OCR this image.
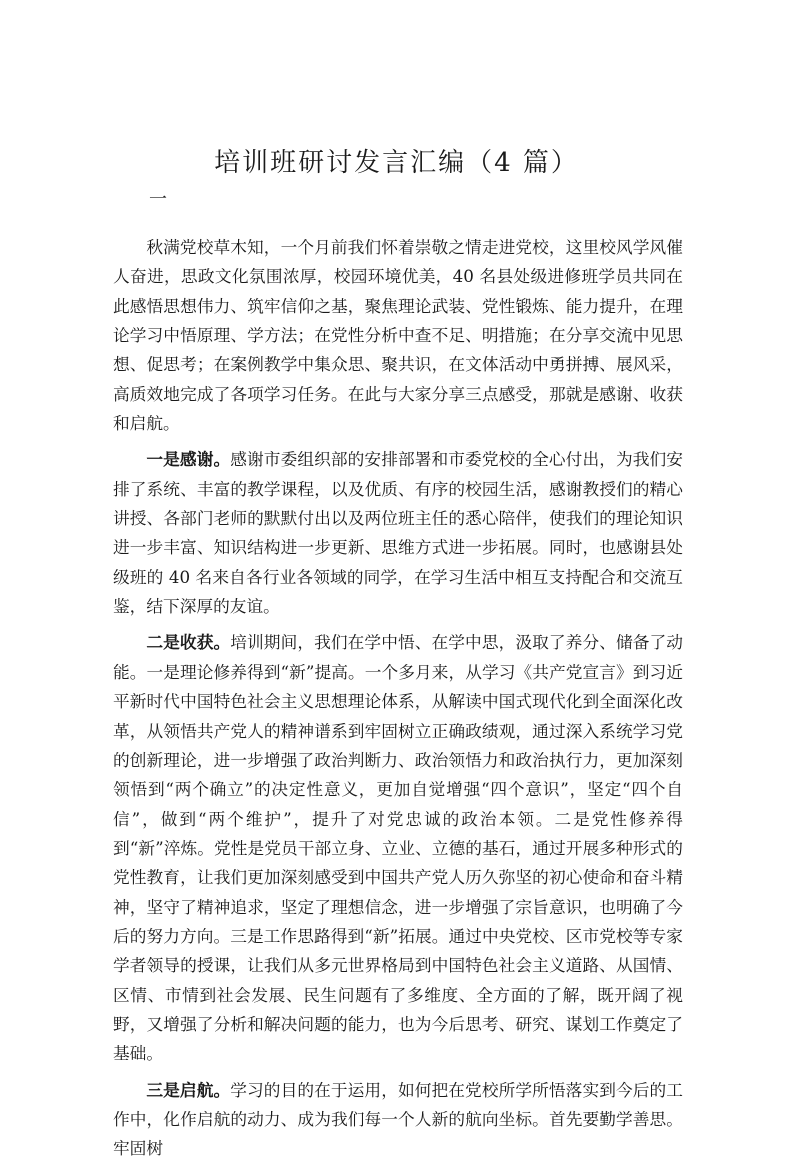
培训班研讨发言汇编（4 篇）
一

秋满党校草木知，一个月前我们怀着崇敬之情走进党校，这里校风学风催人奋进，思政文化氛围浓厚，校园环境优美，40 名县处级进修班学员共同在此感悟思想伟力、筑牢信仰之基，聚焦理论武装、党性锻炼、能力提升，在理论学习中悟原理、学方法；在党性分析中查不足、明措施；在分享交流中见思想、促思考；在案例教学中集众思、聚共识，在文体活动中勇拼搏、展风采，高质效地完成了各项学习任务。在此与大家分享三点感受，那就是感谢、收获和启航。

一是感谢。感谢市委组织部的安排部署和市委党校的全心付出，为我们安排了系统、丰富的教学课程，以及优质、有序的校园生活，感谢教授们的精心讲授、各部门老师的默默付出以及两位班主任的悉心陪伴，使我们的理论知识进一步丰富、知识结构进一步更新、思维方式进一步拓展。同时，也感谢县处级班的 40 名来自各行业各领域的同学，在学习生活中相互支持配合和交流互鉴，结下深厚的友谊。

二是收获。培训期间，我们在学中悟、在学中思，汲取了养分、储备了动能。一是理论修养得到“新”提高。一个多月来，从学习《共产党宣言》到习近平新时代中国特色社会主义思想理论体系，从解读中国式现代化到全面深化改革，从领悟共产党人的精神谱系到牢固树立正确政绩观，通过深入系统学习党的创新理论，进一步增强了政治判断力、政治领悟力和政治执行力，更加深刻领悟到“两个确立”的决定性意义，更加自觉增强“四个意识”，坚定“四个自信”，做到“两个维护”，提升了对党忠诚的政治本领。二是党性修养得到“新”淬炼。党性是党员干部立身、立业、立德的基石，通过开展多种形式的党性教育，让我们更加深刻感受到中国共产党人历久弥坚的初心使命和奋斗精神，坚守了精神追求，坚定了理想信念，进一步增强了宗旨意识，也明确了今后的努力方向。三是工作思路得到“新”拓展。通过中央党校、区市党校等专家学者领导的授课，让我们从多元世界格局到中国特色社会主义道路、从国情、区情、市情到社会发展、民生问题有了多维度、全方面的了解，既开阔了视野，又增强了分析和解决问题的能力，也为今后思考、研究、谋划工作奠定了基础。

三是启航。学习的目的在于运用，如何把在党校所学所悟落实到今后的工作中，化作启航的动力、成为我们每一个人新的航向坐标。首先要勤学善思。牢固树
